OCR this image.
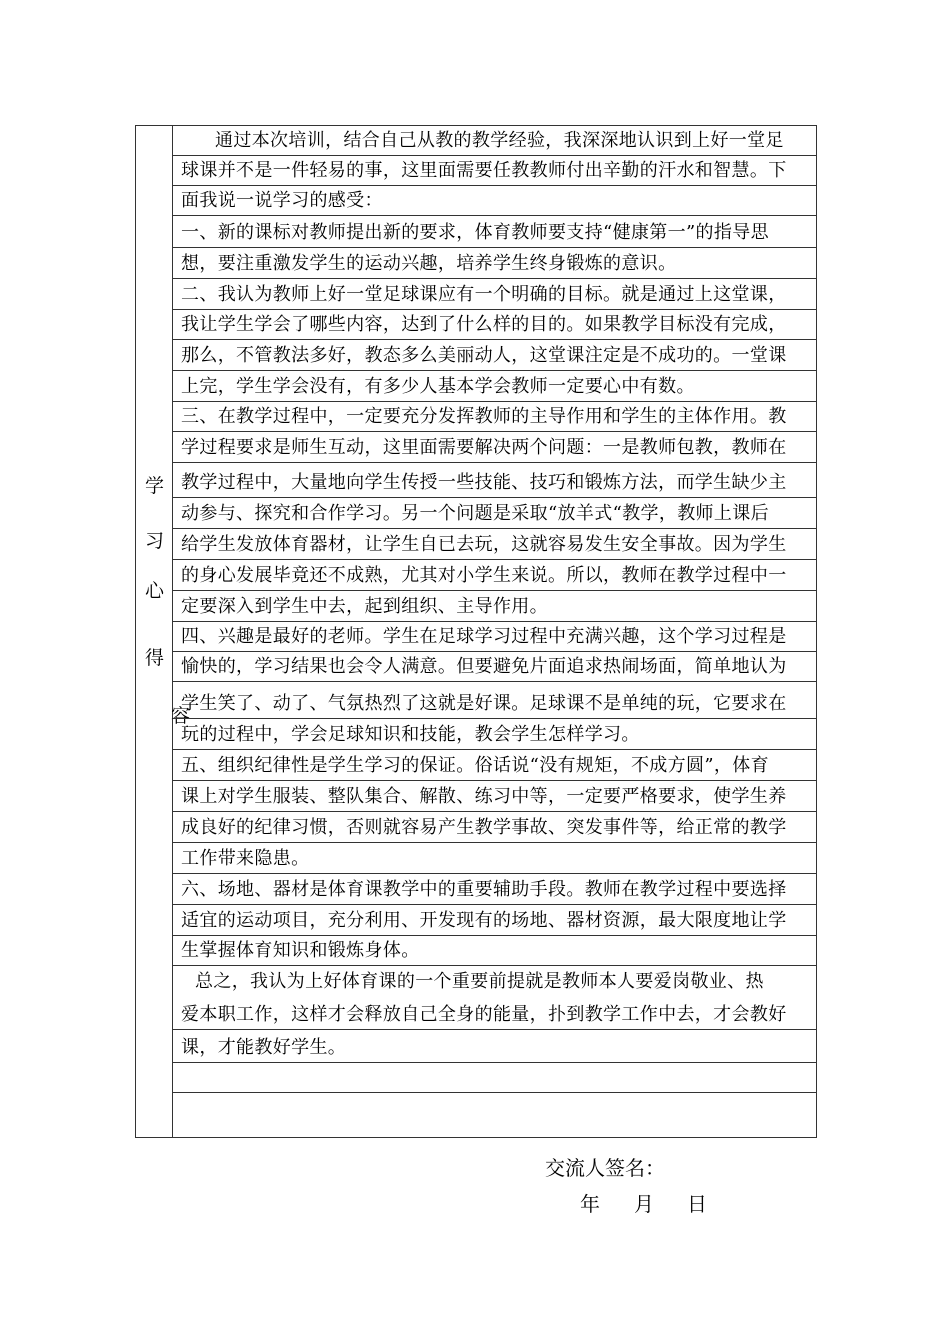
学
习
心
得
容
通过本次培训，结合自己从教的教学经验，我深深地认识到上好一堂足
球课并不是一件轻易的事，这里面需要任教教师付出辛勤的汗水和智慧。下
面我说一说学习的感受：
一、新的课标对教师提出新的要求，体育教师要支持“健康第一”的指导思
想，要注重激发学生的运动兴趣，培养学生终身锻炼的意识。
二、我认为教师上好一堂足球课应有一个明确的目标。就是通过上这堂课，
我让学生学会了哪些内容，达到了什么样的目的。如果教学目标没有完成，
那么，不管教法多好，教态多么美丽动人，这堂课注定是不成功的。一堂课
上完，学生学会没有，有多少人基本学会教师一定要心中有数。
三、在教学过程中，一定要充分发挥教师的主导作用和学生的主体作用。教
学过程要求是师生互动，这里面需要解决两个问题：一是教师包教，教师在
教学过程中，大量地向学生传授一些技能、技巧和锻炼方法，而学生缺少主
动参与、探究和合作学习。另一个问题是采取“放羊式“教学，教师上课后
给学生发放体育器材，让学生自已去玩，这就容易发生安全事故。因为学生
的身心发展毕竟还不成熟，尤其对小学生来说。所以，教师在教学过程中一
定要深入到学生中去，起到组织、主导作用。
四、兴趣是最好的老师。学生在足球学习过程中充满兴趣，这个学习过程是
愉快的，学习结果也会令人满意。但要避免片面追求热闹场面，简单地认为
学生笑了、动了、气氛热烈了这就是好课。足球课不是单纯的玩，它要求在
玩的过程中，学会足球知识和技能，教会学生怎样学习。
五、组织纪律性是学生学习的保证。俗话说“没有规矩，不成方圆”，体育
课上对学生服装、整队集合、解散、练习中等，一定要严格要求，使学生养
成良好的纪律习惯，否则就容易产生教学事故、突发事件等，给正常的教学
工作带来隐患。
六、场地、器材是体育课教学中的重要辅助手段。教师在教学过程中要选择
适宜的运动项目，充分利用、开发现有的场地、器材资源，最大限度地让学
生掌握体育知识和锻炼身体。
总之，我认为上好体育课的一个重要前提就是教师本人要爱岗敬业、热
爱本职工作，这样才会释放自己全身的能量，扑到教学工作中去，才会教好
课，才能教好学生。
交流人签名：
年 月 日
